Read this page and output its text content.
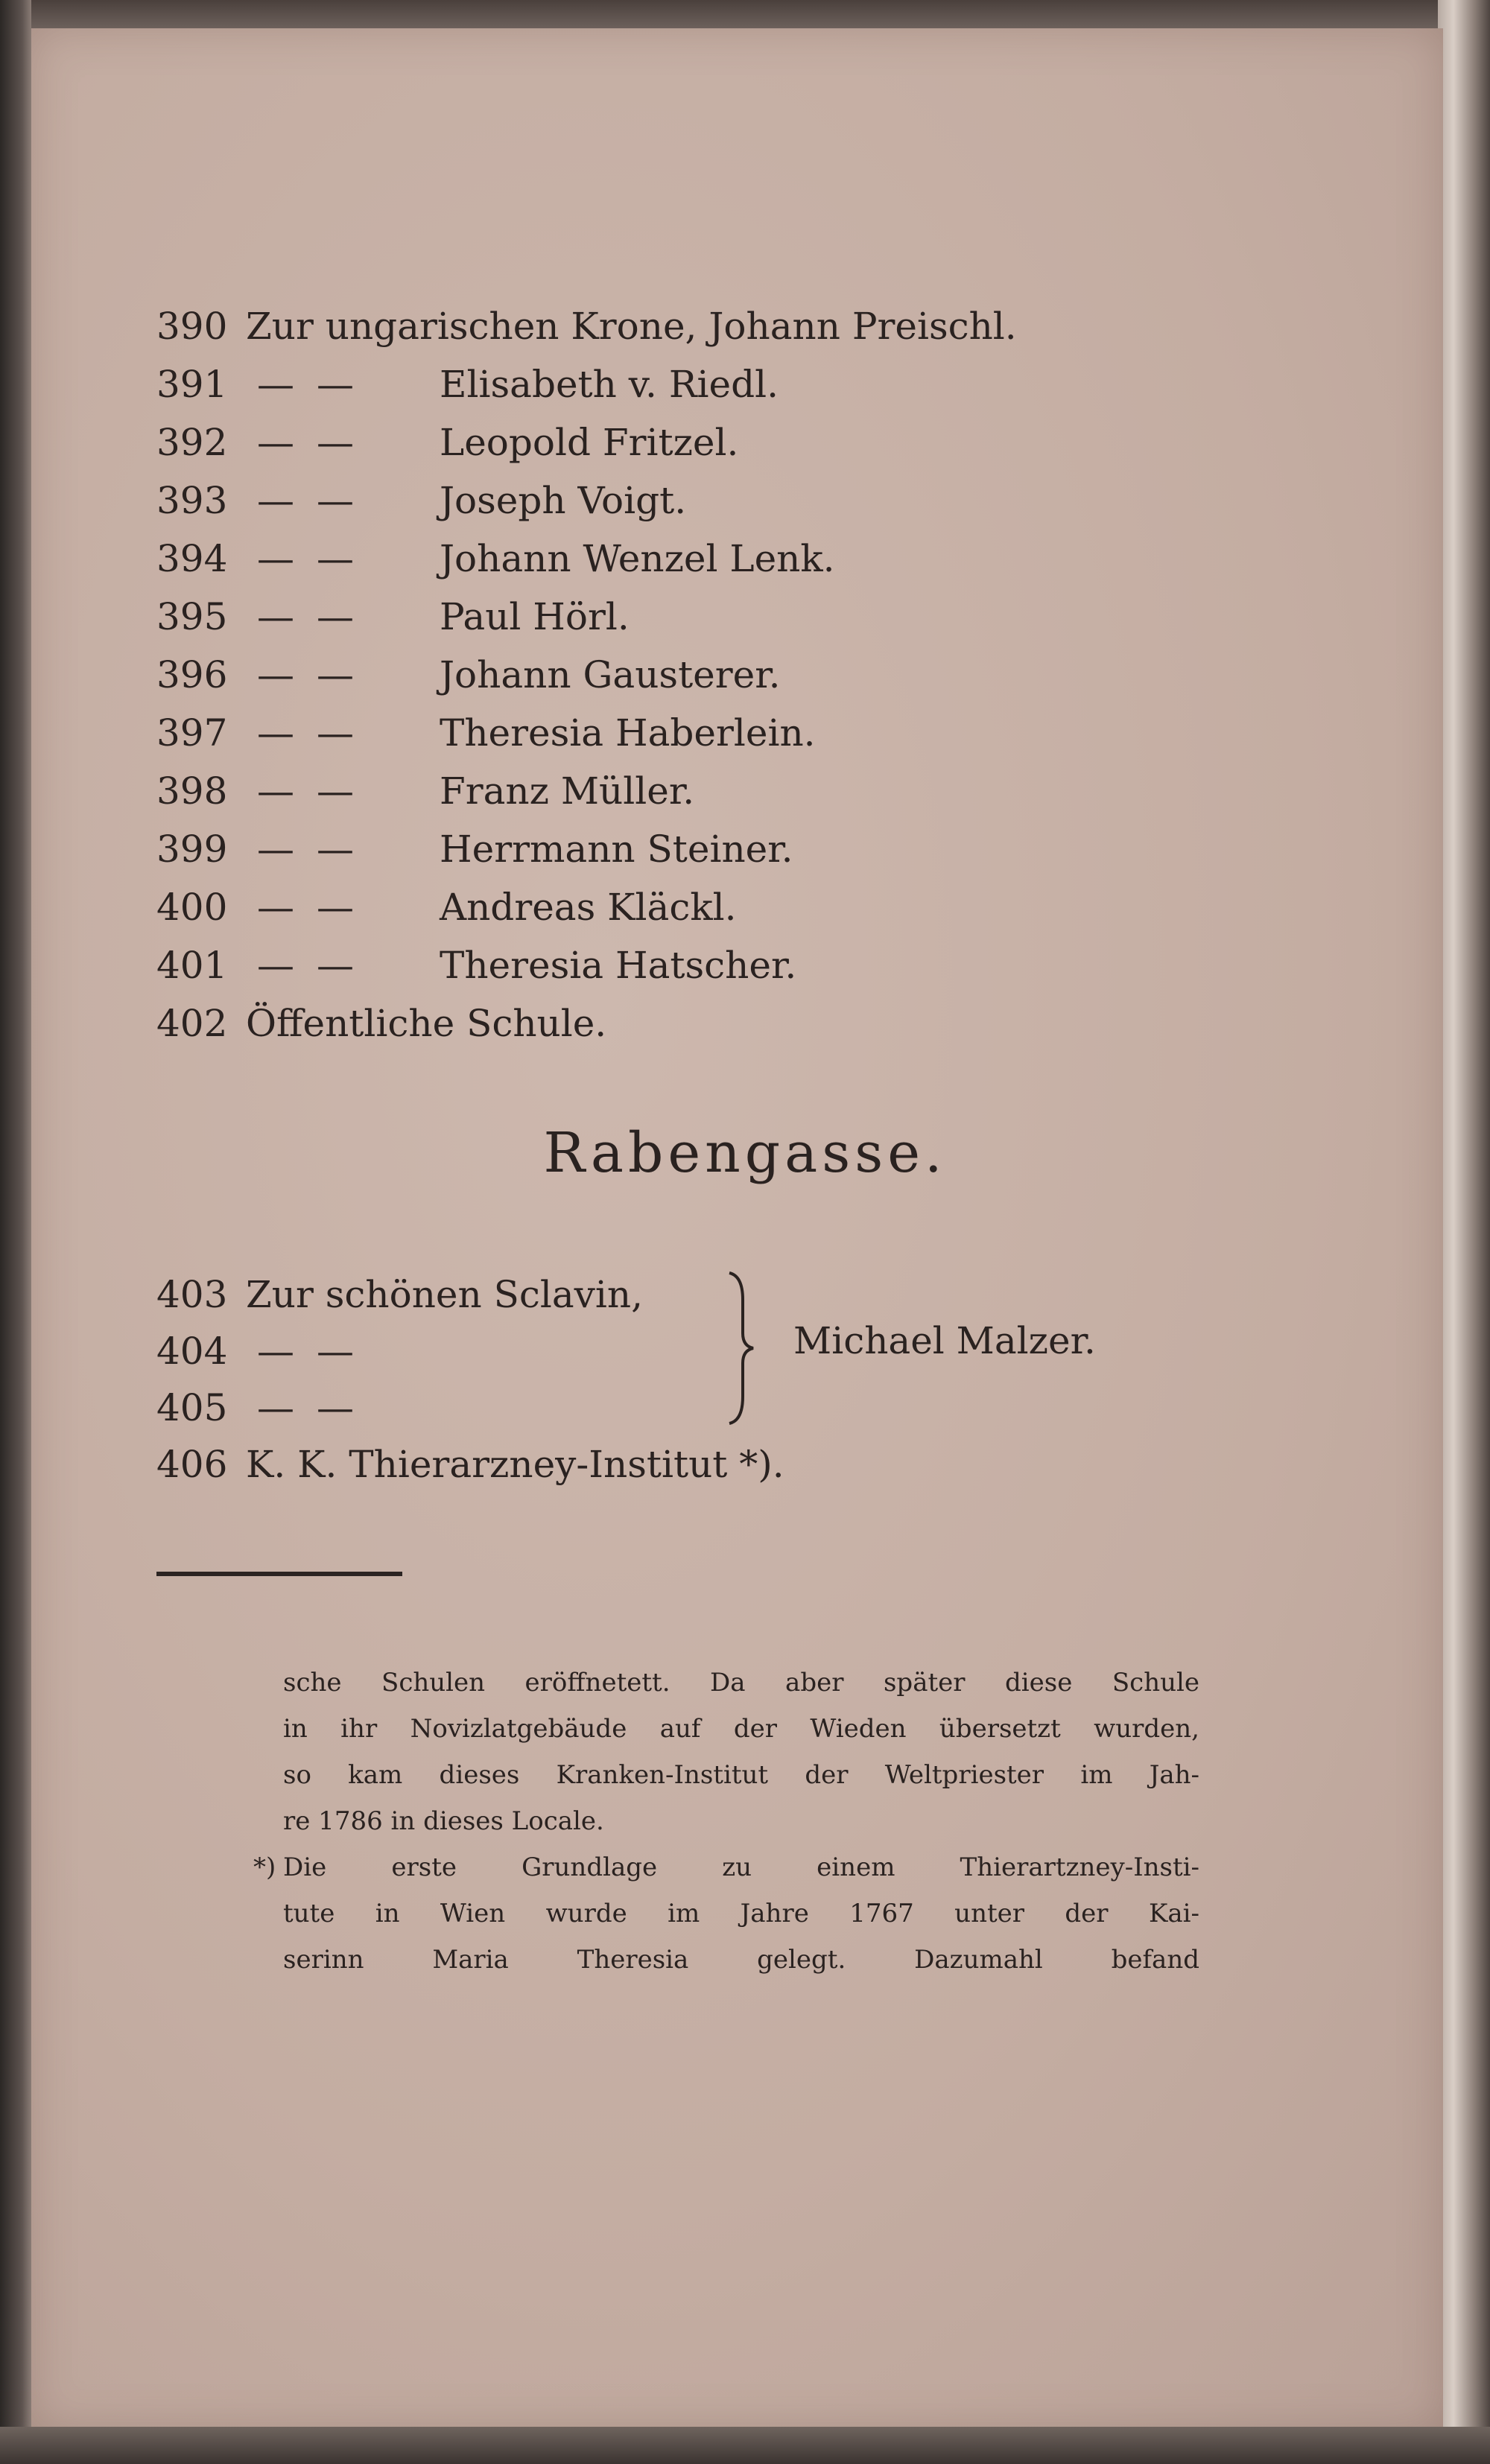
390 Zur ungarischen Krone, Johann Preischl.
391 — — Elisabeth v. Riedl.
392 — — Leopold Fritzel.
393 — — Joseph Voigt.
394 — — Johann Wenzel Lenk.
395 — — Paul Hörl.
396 — — Johann Gausterer.
397 — — Theresia Haberlein.
398 — — Franz Müller.
399 — — Herrmann Steiner.
400 — — Andreas Kläckl.
401 — — Theresia Hatscher.
402 Öffentliche Schule.
Rabengasse.
403 Zur schönen Sclavin,
404 — —
405 — —
406 K. K. Thierarzney-Institut *).
Michael Malzer.
sche Schulen eröffnetett. Da aber später diese Schule
in ihr Novizlatgebäude auf der Wieden übersetzt wurden,
so kam dieses Kranken-Institut der Weltpriester im Jah-
re 1786 in dieses Locale.
*) Die erste Grundlage zu einem Thierartzney-Insti-
tute in Wien wurde im Jahre 1767 unter der Kai-
serinn Maria Theresia gelegt. Dazumahl befand
